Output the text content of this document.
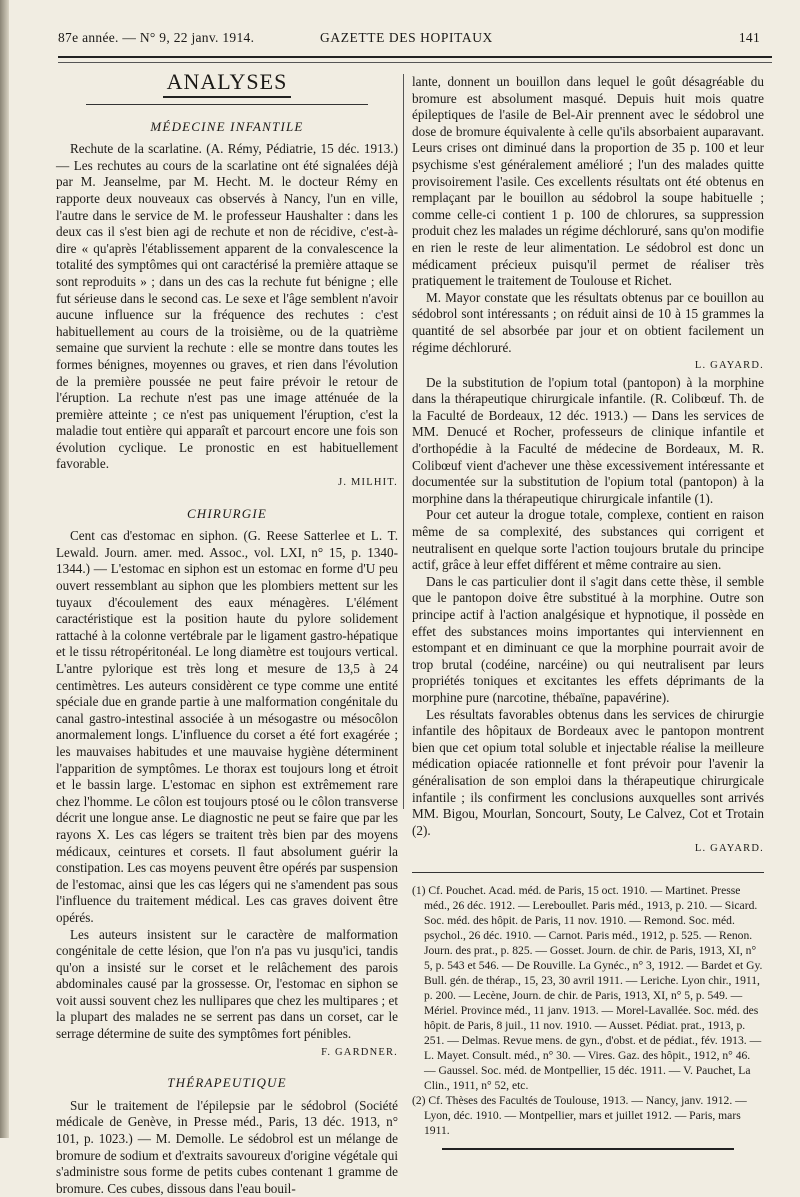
87e année. — N° 9, 22 janv. 1914.	GAZETTE DES HOPITAUX	141
ANALYSES
MÉDECINE INFANTILE

Rechute de la scarlatine. (A. Rémy, Pédiatrie, 15 déc. 1913.) — Les rechutes au cours de la scarlatine ont été signalées déjà par M. Jeanselme, par M. Hecht. M. le docteur Rémy en rapporte deux nouveaux cas observés à Nancy, l'un en ville, l'autre dans le service de M. le professeur Haushalter : dans les deux cas il s'est bien agi de rechute et non de récidive, c'est-à-dire « qu'après l'établissement apparent de la convalescence la totalité des symptômes qui ont caractérisé la première attaque se sont reproduits » ; dans un des cas la rechute fut bénigne ; elle fut sérieuse dans le second cas. Le sexe et l'âge semblent n'avoir aucune influence sur la fréquence des rechutes : c'est habituellement au cours de la troisième, ou de la quatrième semaine que survient la rechute : elle se montre dans toutes les formes bénignes, moyennes ou graves, et rien dans l'évolution de la première poussée ne peut faire prévoir le retour de l'éruption. La rechute n'est pas une image atténuée de la première atteinte ; ce n'est pas uniquement l'éruption, c'est la maladie tout entière qui apparaît et parcourt encore une fois son évolution cyclique. Le pronostic en est habituellement favorable.

J. MILHIT.
CHIRURGIE

Cent cas d'estomac en siphon. (G. Reese Satterlee et L. T. Lewald. Journ. amer. med. Assoc., vol. LXI, n° 15, p. 1340-1344.) — L'estomac en siphon est un estomac en forme d'U peu ouvert ressemblant au siphon que les plombiers mettent sur les tuyaux d'écoulement des eaux ménagères. L'élément caractéristique est la position haute du pylore solidement rattaché à la colonne vertébrale par le ligament gastro-hépatique et le tissu rétropéritonéal. Le long diamètre est toujours vertical. L'antre pylorique est très long et mesure de 13,5 à 24 centimètres. Les auteurs considèrent ce type comme une entité spéciale due en grande partie à une malformation congénitale du canal gastro-intestinal associée à un mésogastre ou mésocôlon anormalement longs. L'influence du corset a été fort exagérée ; les mauvaises habitudes et une mauvaise hygiène déterminent l'apparition de symptômes. Le thorax est toujours long et étroit et le bassin large. L'estomac en siphon est extrêmement rare chez l'homme. Le côlon est toujours ptosé ou le côlon transverse décrit une longue anse. Le diagnostic ne peut se faire que par les rayons X. Les cas légers se traitent très bien par des moyens médicaux, ceintures et corsets. Il faut absolument guérir la constipation. Les cas moyens peuvent être opérés par suspension de l'estomac, ainsi que les cas légers qui ne s'amendent pas sous l'influence du traitement médical. Les cas graves doivent être opérés.

Les auteurs insistent sur le caractère de malformation congénitale de cette lésion, que l'on n'a pas vu jusqu'ici, tandis qu'on a insisté sur le corset et le relâchement des parois abdominales causé par la grossesse. Or, l'estomac en siphon se voit aussi souvent chez les nullipares que chez les multipares ; et la plupart des malades ne se serrent pas dans un corset, car le serrage détermine de suite des symptômes fort pénibles.

F. GARDNER.
THÉRAPEUTIQUE

Sur le traitement de l'épilepsie par le sédobrol (Société médicale de Genève, in Presse méd., Paris, 13 déc. 1913, n° 101, p. 1023.) — M. Demolle. Le sédobrol est un mélange de bromure de sodium et d'extraits savoureux d'origine végétale qui s'administre sous forme de petits cubes contenant 1 gramme de bromure. Ces cubes, dissous dans l'eau bouil-

lante, donnent un bouillon dans lequel le goût désagréable du bromure est absolument masqué. Depuis huit mois quatre épileptiques de l'asile de Bel-Air prennent avec le sédobrol une dose de bromure équivalente à celle qu'ils absorbaient auparavant. Leurs crises ont diminué dans la proportion de 35 p. 100 et leur psychisme s'est généralement amélioré ; l'un des malades quitte provisoirement l'asile. Ces excellents résultats ont été obtenus en remplaçant par le bouillon au sédobrol la soupe habituelle ; comme celle-ci contient 1 p. 100 de chlorures, sa suppression produit chez les malades un régime déchloruré, sans qu'on modifie en rien le reste de leur alimentation. Le sédobrol est donc un médicament précieux puisqu'il permet de réaliser très pratiquement le traitement de Toulouse et Richet.

M. Mayor constate que les résultats obtenus par ce bouillon au sédobrol sont intéressants ; on réduit ainsi de 10 à 15 grammes la quantité de sel absorbée par jour et on obtient facilement un régime déchloruré.

L. GAYARD.

De la substitution de l'opium total (pantopon) à la morphine dans la thérapeutique chirurgicale infantile. (R. Colibœuf. Th. de la Faculté de Bordeaux, 12 déc. 1913.) — Dans les services de MM. Denucé et Rocher, professeurs de clinique infantile et d'orthopédie à la Faculté de médecine de Bordeaux, M. R. Colibœuf vient d'achever une thèse excessivement intéressante et documentée sur la substitution de l'opium total (pantopon) à la morphine dans la thérapeutique chirurgicale infantile (1).

Pour cet auteur la drogue totale, complexe, contient en raison même de sa complexité, des substances qui corrigent et neutralisent en quelque sorte l'action toujours brutale du principe actif, grâce à leur effet différent et même contraire au sien.

Dans le cas particulier dont il s'agit dans cette thèse, il semble que le pantopon doive être substitué à la morphine. Outre son principe actif à l'action analgésique et hypnotique, il possède en effet des substances moins importantes qui interviennent en estompant et en diminuant ce que la morphine pourrait avoir de trop brutal (codéine, narcéine) ou qui neutralisent par leurs propriétés toniques et excitantes les effets déprimants de la morphine pure (narcotine, thébaïne, papavérine).

Les résultats favorables obtenus dans les services de chirurgie infantile des hôpitaux de Bordeaux avec le pantopon montrent bien que cet opium total soluble et injectable réalise la meilleure médication opiacée rationnelle et font prévoir pour l'avenir la généralisation de son emploi dans la thérapeutique chirurgicale infantile ; ils confirment les conclusions auxquelles sont arrivés MM. Bigou, Mourlan, Soncourt, Souty, Le Calvez, Cot et Trotain (2).

L. GAYARD.

(1) Cf. Pouchet. Acad. méd. de Paris, 15 oct. 1910. — Martinet. Presse méd., 26 déc. 1912. — Lereboullet. Paris méd., 1913, p. 210. — Sicard. Soc. méd. des hôpit. de Paris, 11 nov. 1910. — Remond. Soc. méd. psychol., 26 déc. 1910. — Carnot. Paris méd., 1912, p. 525. — Renon. Journ. des prat., p. 825. — Gosset. Journ. de chir. de Paris, 1913, XI, n° 5, p. 543 et 546. — De Rouville. La Gynéc., n° 3, 1912. — Bardet et Gy. Bull. gén. de thérap., 15, 23, 30 avril 1911. — Leriche. Lyon chir., 1911, p. 200. — Lecène, Journ. de chir. de Paris, 1913, XI, n° 5, p. 549. — Mériel. Province méd., 11 janv. 1913. — Morel-Lavallée. Soc. méd. des hôpit. de Paris, 8 juil., 11 nov. 1910. — Ausset. Pédiat. prat., 1913, p. 251. — Delmas. Revue mens. de gyn., d'obst. et de pédiat., fév. 1913. — L. Mayet. Consult. méd., n° 30. — Vires. Gaz. des hôpit., 1912, n° 46. — Gaussel. Soc. méd. de Montpellier, 15 déc. 1911. — V. Pauchet, La Clin., 1911, n° 52, etc.

(2) Cf. Thèses des Facultés de Toulouse, 1913. — Nancy, janv. 1912. — Lyon, déc. 1910. — Montpellier, mars et juillet 1912. — Paris, mars 1911.
